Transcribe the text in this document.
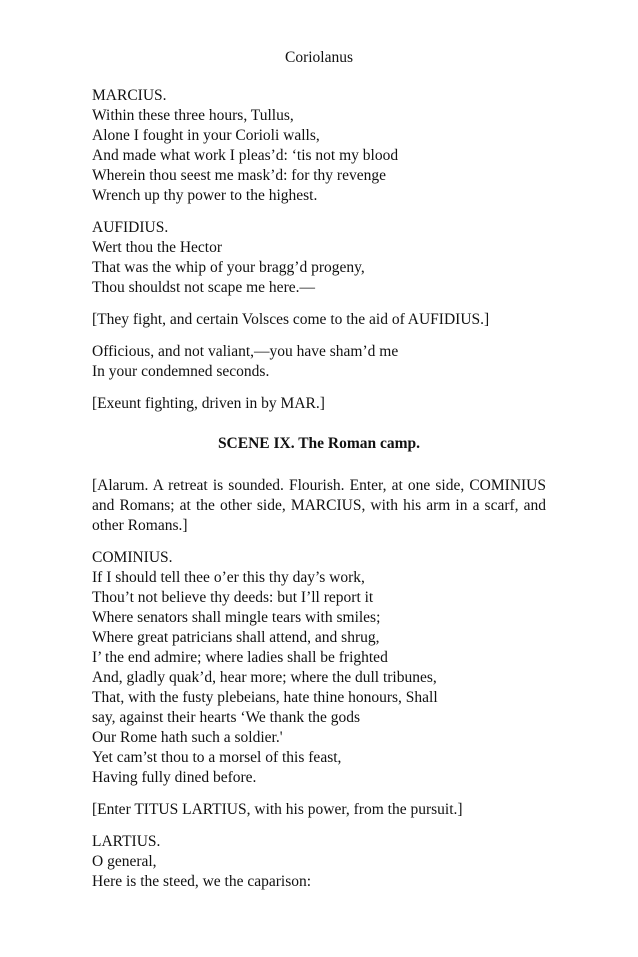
Coriolanus
MARCIUS.
Within these three hours, Tullus,
Alone I fought in your Corioli walls,
And made what work I pleas’d: ‘tis not my blood
Wherein thou seest me mask’d: for thy revenge
Wrench up thy power to the highest.
AUFIDIUS.
Wert thou the Hector
That was the whip of your bragg’d progeny,
Thou shouldst not scape me here.—
[They fight, and certain Volsces come to the aid of AUFIDIUS.]
Officious, and not valiant,—you have sham’d me
In your condemned seconds.
[Exeunt fighting, driven in by MAR.]
SCENE IX. The Roman camp.
[Alarum. A retreat is sounded. Flourish. Enter, at one side, COMINIUS and Romans; at the other side, MARCIUS, with his arm in a scarf, and other Romans.]
COMINIUS.
If I should tell thee o’er this thy day’s work,
Thou’t not believe thy deeds: but I’ll report it
Where senators shall mingle tears with smiles;
Where great patricians shall attend, and shrug,
I’ the end admire; where ladies shall be frighted
And, gladly quak’d, hear more; where the dull tribunes,
That, with the fusty plebeians, hate thine honours, Shall
say, against their hearts ‘We thank the gods
Our Rome hath such a soldier.'
Yet cam’st thou to a morsel of this feast,
Having fully dined before.
[Enter TITUS LARTIUS, with his power, from the pursuit.]
LARTIUS.
O general,
Here is the steed, we the caparison:
